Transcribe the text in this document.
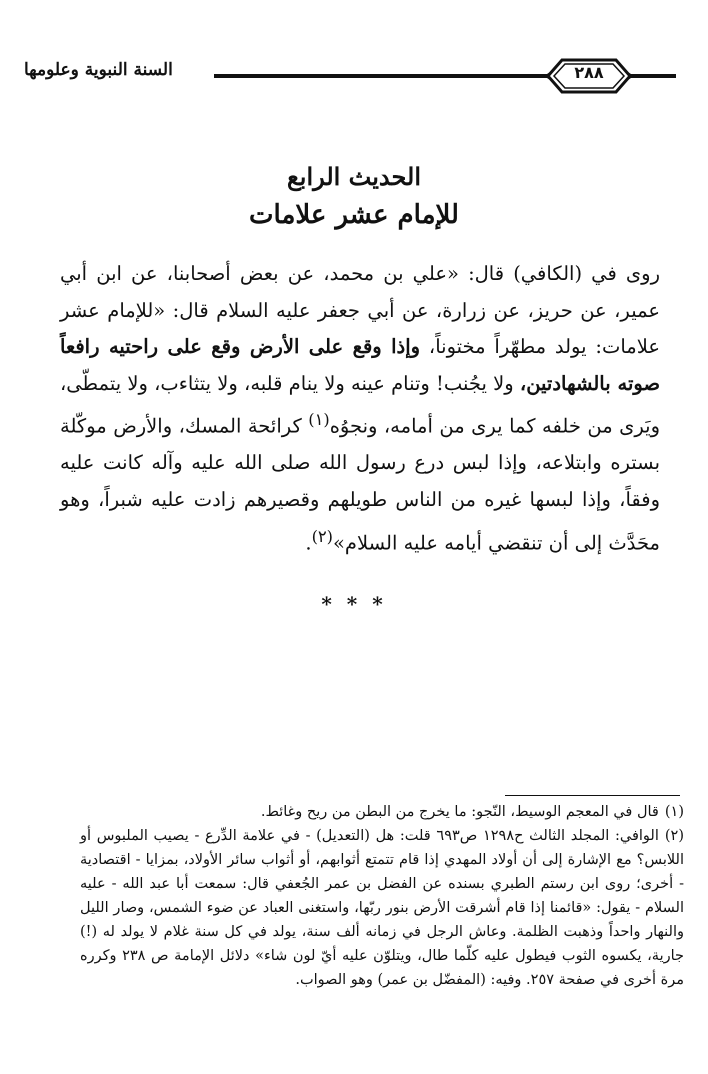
السنة النبوية وعلومها	٢٨٨
الحديث الرابع
للإمام عشر علامات
روى في (الكافي) قال: «علي بن محمد، عن بعض أصحابنا، عن ابن أبي عمير، عن حريز، عن زرارة، عن أبي جعفر عليه السلام قال: «للإمام عشر علامات: يولد مطهّراً مختوناً، وإذا وقع على الأرض وقع على راحتيه رافعاً صوته بالشهادتين، ولا يجُنب! وتنام عينه ولا ينام قلبه، ولا يتثاءب، ولا يتمطّى، ويَرى من خلفه كما يرى من أمامه، ونجوُه$^{(١)}$ كرائحة المسك، والأرض موكّلة بستره وابتلاعه، وإذا لبس درع رسول الله صلى الله عليه وآله كانت عليه وفقاً، وإذا لبسها غيره من الناس طويلهم وقصيرهم زادت عليه شبراً، وهو محَدَّث إلى أن تنقضي أيامه عليه السلام»$^{(٢)}$.
* * *

(١)قال في المعجم الوسيط، النّجو: ما يخرج من البطن من ريح وغائط.

(٢)الوافي: المجلد الثالث ح١٢٩٨ ص٦٩٣ قلت: هل (التعديل) - في علامة الدِّرع - يصيب الملبوس أو اللابس؟ مع الإشارة إلى أن أولاد المهدي إذا قام تتمتع أثوابهم، أو أثواب سائر الأولاد، بمزايا - اقتصادية - أخرى؛ روى ابن رستم الطبري بسنده عن الفضل بن عمر الجُعفي قال: سمعت أبا عبد الله - عليه السلام - يقول: «قائمنا إذا قام أشرقت الأرض بنور ربّها، واستغنى العباد عن ضوء الشمس، وصار الليل والنهار واحداً وذهبت الظلمة. وعاش الرجل في زمانه ألف سنة، يولد في كل سنة غلام لا يولد له (!) جارية، يكسوه الثوب فيطول عليه كلّما طال، ويتلوّن عليه أيّ لون شاء» دلائل الإمامة ص ٢٣٨ وكرره مرة أخرى في صفحة ٢٥٧. وفيه: (المفضّل بن عمر) وهو الصواب.
